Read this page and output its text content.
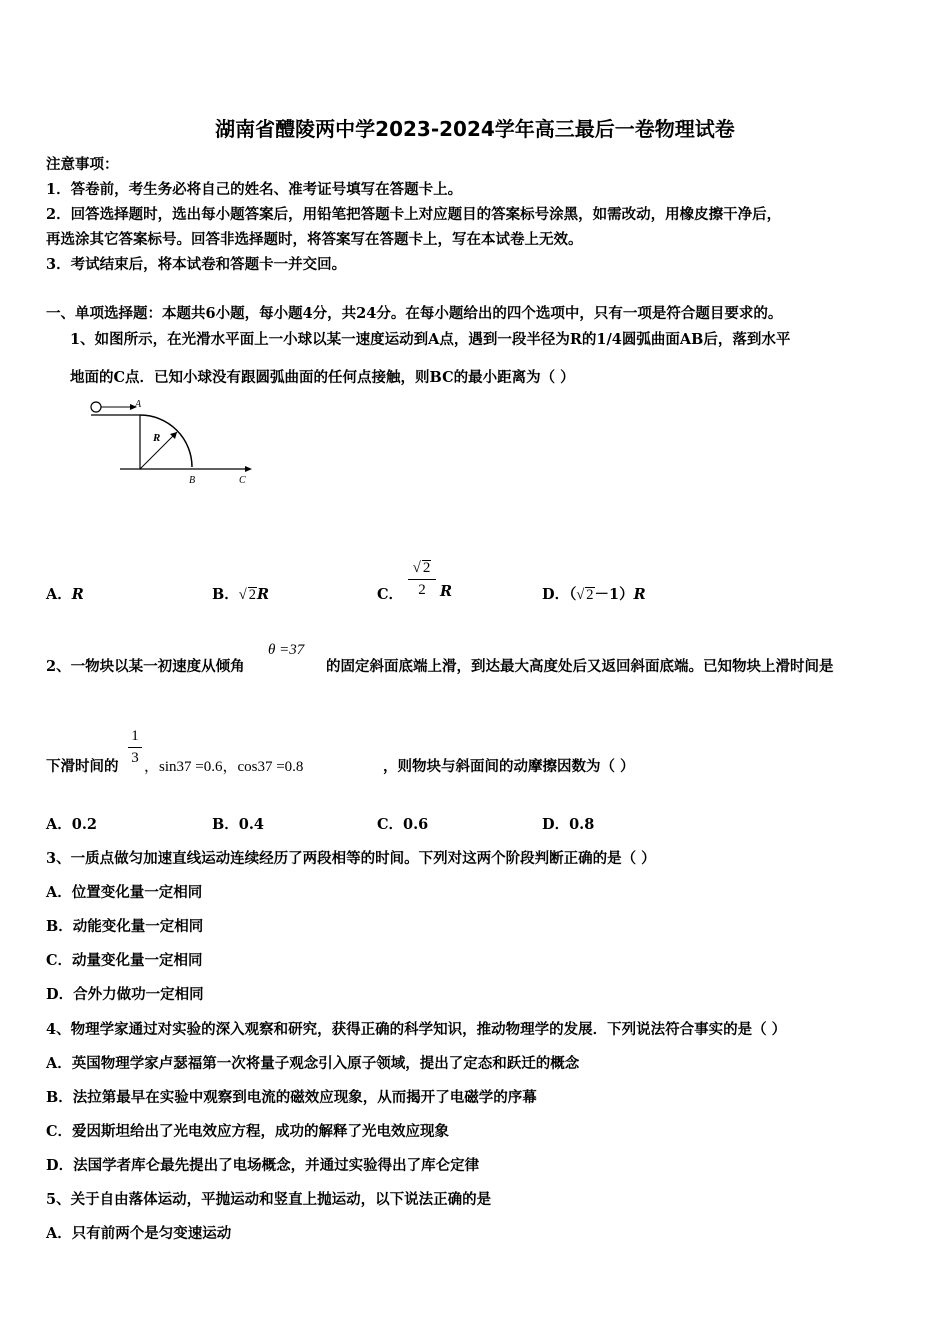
湖南省醴陵两中学2023-2024学年高三最后一卷物理试卷
注意事项：
1．答卷前，考生务必将自己的姓名、准考证号填写在答题卡上。
2．回答选择题时，选出每小题答案后，用铅笔把答题卡上对应题目的答案标号涂黑，如需改动，用橡皮擦干净后，
再选涂其它答案标号。回答非选择题时，将答案写在答题卡上，写在本试卷上无效。
3．考试结束后，将本试卷和答题卡一并交回。
一、单项选择题：本题共6小题，每小题4分，共24分。在每小题给出的四个选项中，只有一项是符合题目要求的。
1、如图所示，在光滑水平面上一小球以某一速度运动到A点，遇到一段半径为R的1/4圆弧曲面AB后，落到水平
地面的C点．已知小球没有跟圆弧曲面的任何点接触，则BC的最小距离为（ ）
A
R
B	C
A．R	B．√ 2R	C．
√ 2
2 R	D．（√ 2－1）R
2、一物块以某一初速度从倾角
θ =37
的固定斜面底端上滑，到达最大高度处后又返回斜面底端。已知物块上滑时间是
下滑时间的
1
3
，sin37 =0.6，cos37 =0.8	，则物块与斜面间的动摩擦因数为（ ）
A．0.2	B．0.4	C．0.6	D．0.8
3、一质点做匀加速直线运动连续经历了两段相等的时间。下列对这两个阶段判断正确的是（ ）
A．位置变化量一定相同
B．动能变化量一定相同
C．动量变化量一定相同
D．合外力做功一定相同
4、物理学家通过对实验的深入观察和研究，获得正确的科学知识，推动物理学的发展．下列说法符合事实的是（ ）
A．英国物理学家卢瑟福第一次将量子观念引入原子领域，提出了定态和跃迁的概念
B．法拉第最早在实验中观察到电流的磁效应现象，从而揭开了电磁学的序幕
C．爱因斯坦给出了光电效应方程，成功的解释了光电效应现象
D．法国学者库仑最先提出了电场概念，并通过实验得出了库仑定律
5、关于自由落体运动，平抛运动和竖直上抛运动，以下说法正确的是
A．只有前两个是匀变速运动
